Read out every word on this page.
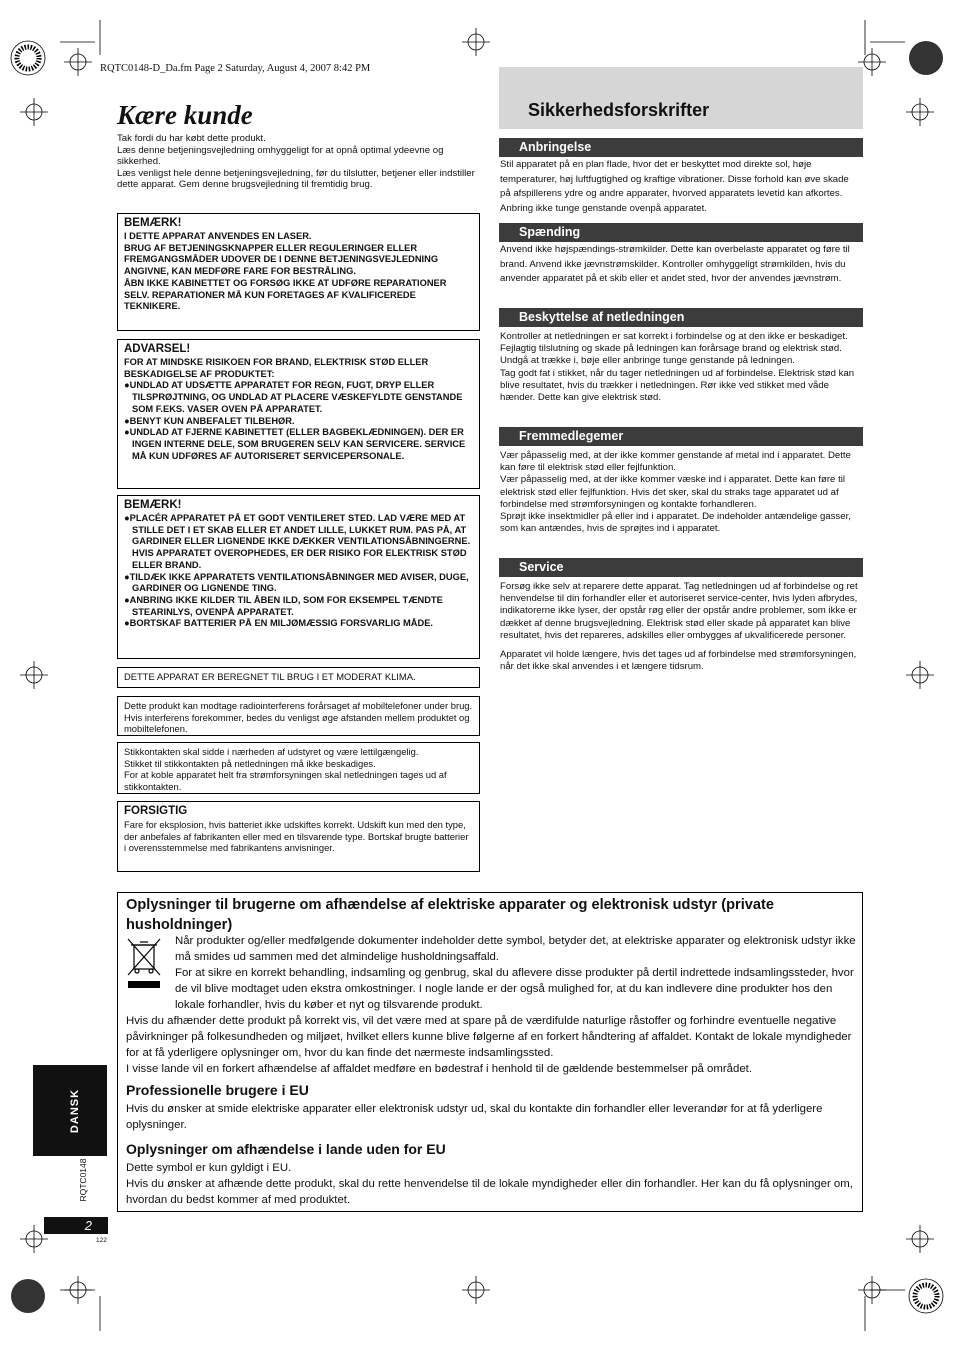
RQTC0148-D_Da.fm Page 2 Saturday, August 4, 2007 8:42 PM
Kære kunde
Tak fordi du har købt dette produkt.
Læs denne betjeningsvejledning omhyggeligt for at opnå optimal ydeevne og sikkerhed.
Læs venligst hele denne betjeningsvejledning, før du tilslutter, betjener eller indstiller dette apparat. Gem denne brugsvejledning til fremtidig brug.
BEMÆRK!

I DETTE APPARAT ANVENDES EN LASER.

BRUG AF BETJENINGSKNAPPER ELLER REGULERINGER ELLER FREMGANGSMÅDER UDOVER DE I DENNE BETJENINGSVEJLEDNING ANGIVNE, KAN MEDFØRE FARE FOR BESTRÅLING.

ÅBN IKKE KABINETTET OG FORSØG IKKE AT UDFØRE REPARATIONER SELV. REPARATIONER MÅ KUN FORETAGES AF KVALIFICEREDE TEKNIKERE.

ADVARSEL!

FOR AT MINDSKE RISIKOEN FOR BRAND, ELEKTRISK STØD ELLER BESKADIGELSE AF PRODUKTET:

●UNDLAD AT UDSÆTTE APPARATET FOR REGN, FUGT, DRYP ELLER TILSPRØJTNING, OG UNDLAD AT PLACERE VÆSKEFYLDTE GENSTANDE SOM F.EKS. VASER OVEN PÅ APPARATET.

●BENYT KUN ANBEFALET TILBEHØR.

●UNDLAD AT FJERNE KABINETTET (ELLER BAGBEKLÆDNINGEN). DER ER INGEN INTERNE DELE, SOM BRUGEREN SELV KAN SERVICERE. SERVICE MÅ KUN UDFØRES AF AUTORISERET SERVICEPERSONALE.

BEMÆRK!

●PLACÉR APPARATET PÅ ET GODT VENTILERET STED. LAD VÆRE MED AT STILLE DET I ET SKAB ELLER ET ANDET LILLE, LUKKET RUM. PAS PÅ, AT GARDINER ELLER LIGNENDE IKKE DÆKKER VENTILATIONSÅBNINGERNE. HVIS APPARATET OVEROPHEDES, ER DER RISIKO FOR ELEKTRISK STØD ELLER BRAND.

●TILDÆK IKKE APPARATETS VENTILATIONSÅBNINGER MED AVISER, DUGE, GARDINER OG LIGNENDE TING.

●ANBRING IKKE KILDER TIL ÅBEN ILD, SOM FOR EKSEMPEL TÆNDTE STEARINLYS, OVENPÅ APPARATET.

●BORTSKAF BATTERIER PÅ EN MILJØMÆSSIG FORSVARLIG MÅDE.

DETTE APPARAT ER BEREGNET TIL BRUG I ET MODERAT KLIMA.
Dette produkt kan modtage radiointerferens forårsaget af mobiltelefoner under brug. Hvis interferens forekommer, bedes du venligst øge afstanden mellem produktet og mobiltelefonen.

Stikkontakten skal sidde i nærheden af udstyret og være lettilgængelig.

Stikket til stikkontakten på netledningen må ikke beskadiges.

For at koble apparatet helt fra strømforsyningen skal netledningen tages ud af stikkontakten.

FORSIGTIG
Fare for eksplosion, hvis batteriet ikke udskiftes korrekt. Udskift kun med den type, der anbefales af fabrikanten eller med en tilsvarende type. Bortskaf brugte batterier i overensstemmelse med fabrikantens anvisninger.
Sikkerhedsforskrifter
Anbringelse

Stil apparatet på en plan flade, hvor det er beskyttet mod direkte sol, høje temperaturer, høj luftfugtighed og kraftige vibrationer. Disse forhold kan øve skade på afspillerens ydre og andre apparater, hvorved apparatets levetid kan afkortes. Anbring ikke tunge genstande ovenpå apparatet.

Spænding

Anvend ikke højspændings-strømkilder. Dette kan overbelaste apparatet og føre til brand. Anvend ikke jævnstrømskilder. Kontroller omhyggeligt strømkilden, hvis du anvender apparatet på et skib eller et andet sted, hvor der anvendes jævnstrøm.

Beskyttelse af netledningen

Kontroller at netledningen er sat korrekt i forbindelse og at den ikke er beskadiget. Fejlagtig tilslutning og skade på ledningen kan forårsage brand og elektrisk stød. Undgå at trække i, bøje eller anbringe tunge genstande på ledningen.

Tag godt fat i stikket, når du tager netledningen ud af forbindelse. Elektrisk stød kan blive resultatet, hvis du trækker i netledningen. Rør ikke ved stikket med våde hænder. Dette kan give elektrisk stød.

Fremmedlegemer

Vær påpasselig med, at der ikke kommer genstande af metal ind i apparatet. Dette kan føre til elektrisk stød eller fejlfunktion.

Vær påpasselig med, at der ikke kommer væske ind i apparatet. Dette kan føre til elektrisk stød eller fejlfunktion. Hvis det sker, skal du straks tage apparatet ud af forbindelse med strømforsyningen og kontakte forhandleren.

Sprøjt ikke insektmidler på eller ind i apparatet. De indeholder antændelige gasser, som kan antændes, hvis de sprøjtes ind i apparatet.

Service

Forsøg ikke selv at reparere dette apparat. Tag netledningen ud af forbindelse og ret henvendelse til din forhandler eller et autoriseret service-center, hvis lyden afbrydes, indikatorerne ikke lyser, der opstår røg eller der opstår andre problemer, som ikke er dækket af denne brugsvejledning. Elektrisk stød eller skade på apparatet kan blive resultatet, hvis det repareres, adskilles eller ombygges af ukvalificerede personer.

Apparatet vil holde længere, hvis det tages ud af forbindelse med strømforsyningen, når det ikke skal anvendes i et længere tidsrum.

Oplysninger til brugerne om afhændelse af elektriske apparater og elektronisk udstyr (private husholdninger)
Når produkter og/eller medfølgende dokumenter indeholder dette symbol, betyder det, at elektriske apparater og elektronisk udstyr ikke må smides ud sammen med det almindelige husholdningsaffald.
For at sikre en korrekt behandling, indsamling og genbrug, skal du aflevere disse produkter på dertil indrettede indsamlingssteder, hvor de vil blive modtaget uden ekstra omkostninger. I nogle lande er der også mulighed for, at du kan indlevere dine produkter hos den lokale forhandler, hvis du køber et nyt og tilsvarende produkt.
Hvis du afhænder dette produkt på korrekt vis, vil det være med at spare på de værdifulde naturlige råstoffer og forhindre eventuelle negative påvirkninger på folkesundheden og miljøet, hvilket ellers kunne blive følgerne af en forkert håndtering af affaldet. Kontakt de lokale myndigheder for at få yderligere oplysninger om, hvor du kan finde det nærmeste indsamlingssted.
I visse lande vil en forkert afhændelse af affaldet medføre en bødestraf i henhold til de gældende bestemmelser på området.
Professionelle brugere i EU
Hvis du ønsker at smide elektriske apparater eller elektronisk udstyr ud, skal du kontakte din forhandler eller leverandør for at få yderligere oplysninger.
Oplysninger om afhændelse i lande uden for EU
Dette symbol er kun gyldigt i EU.
Hvis du ønsker at afhænde dette produkt, skal du rette henvendelse til de lokale myndigheder eller din forhandler. Her kan du få oplysninger om, hvordan du bedst kommer af med produktet.
DANSK
RQTC0148
2
122
